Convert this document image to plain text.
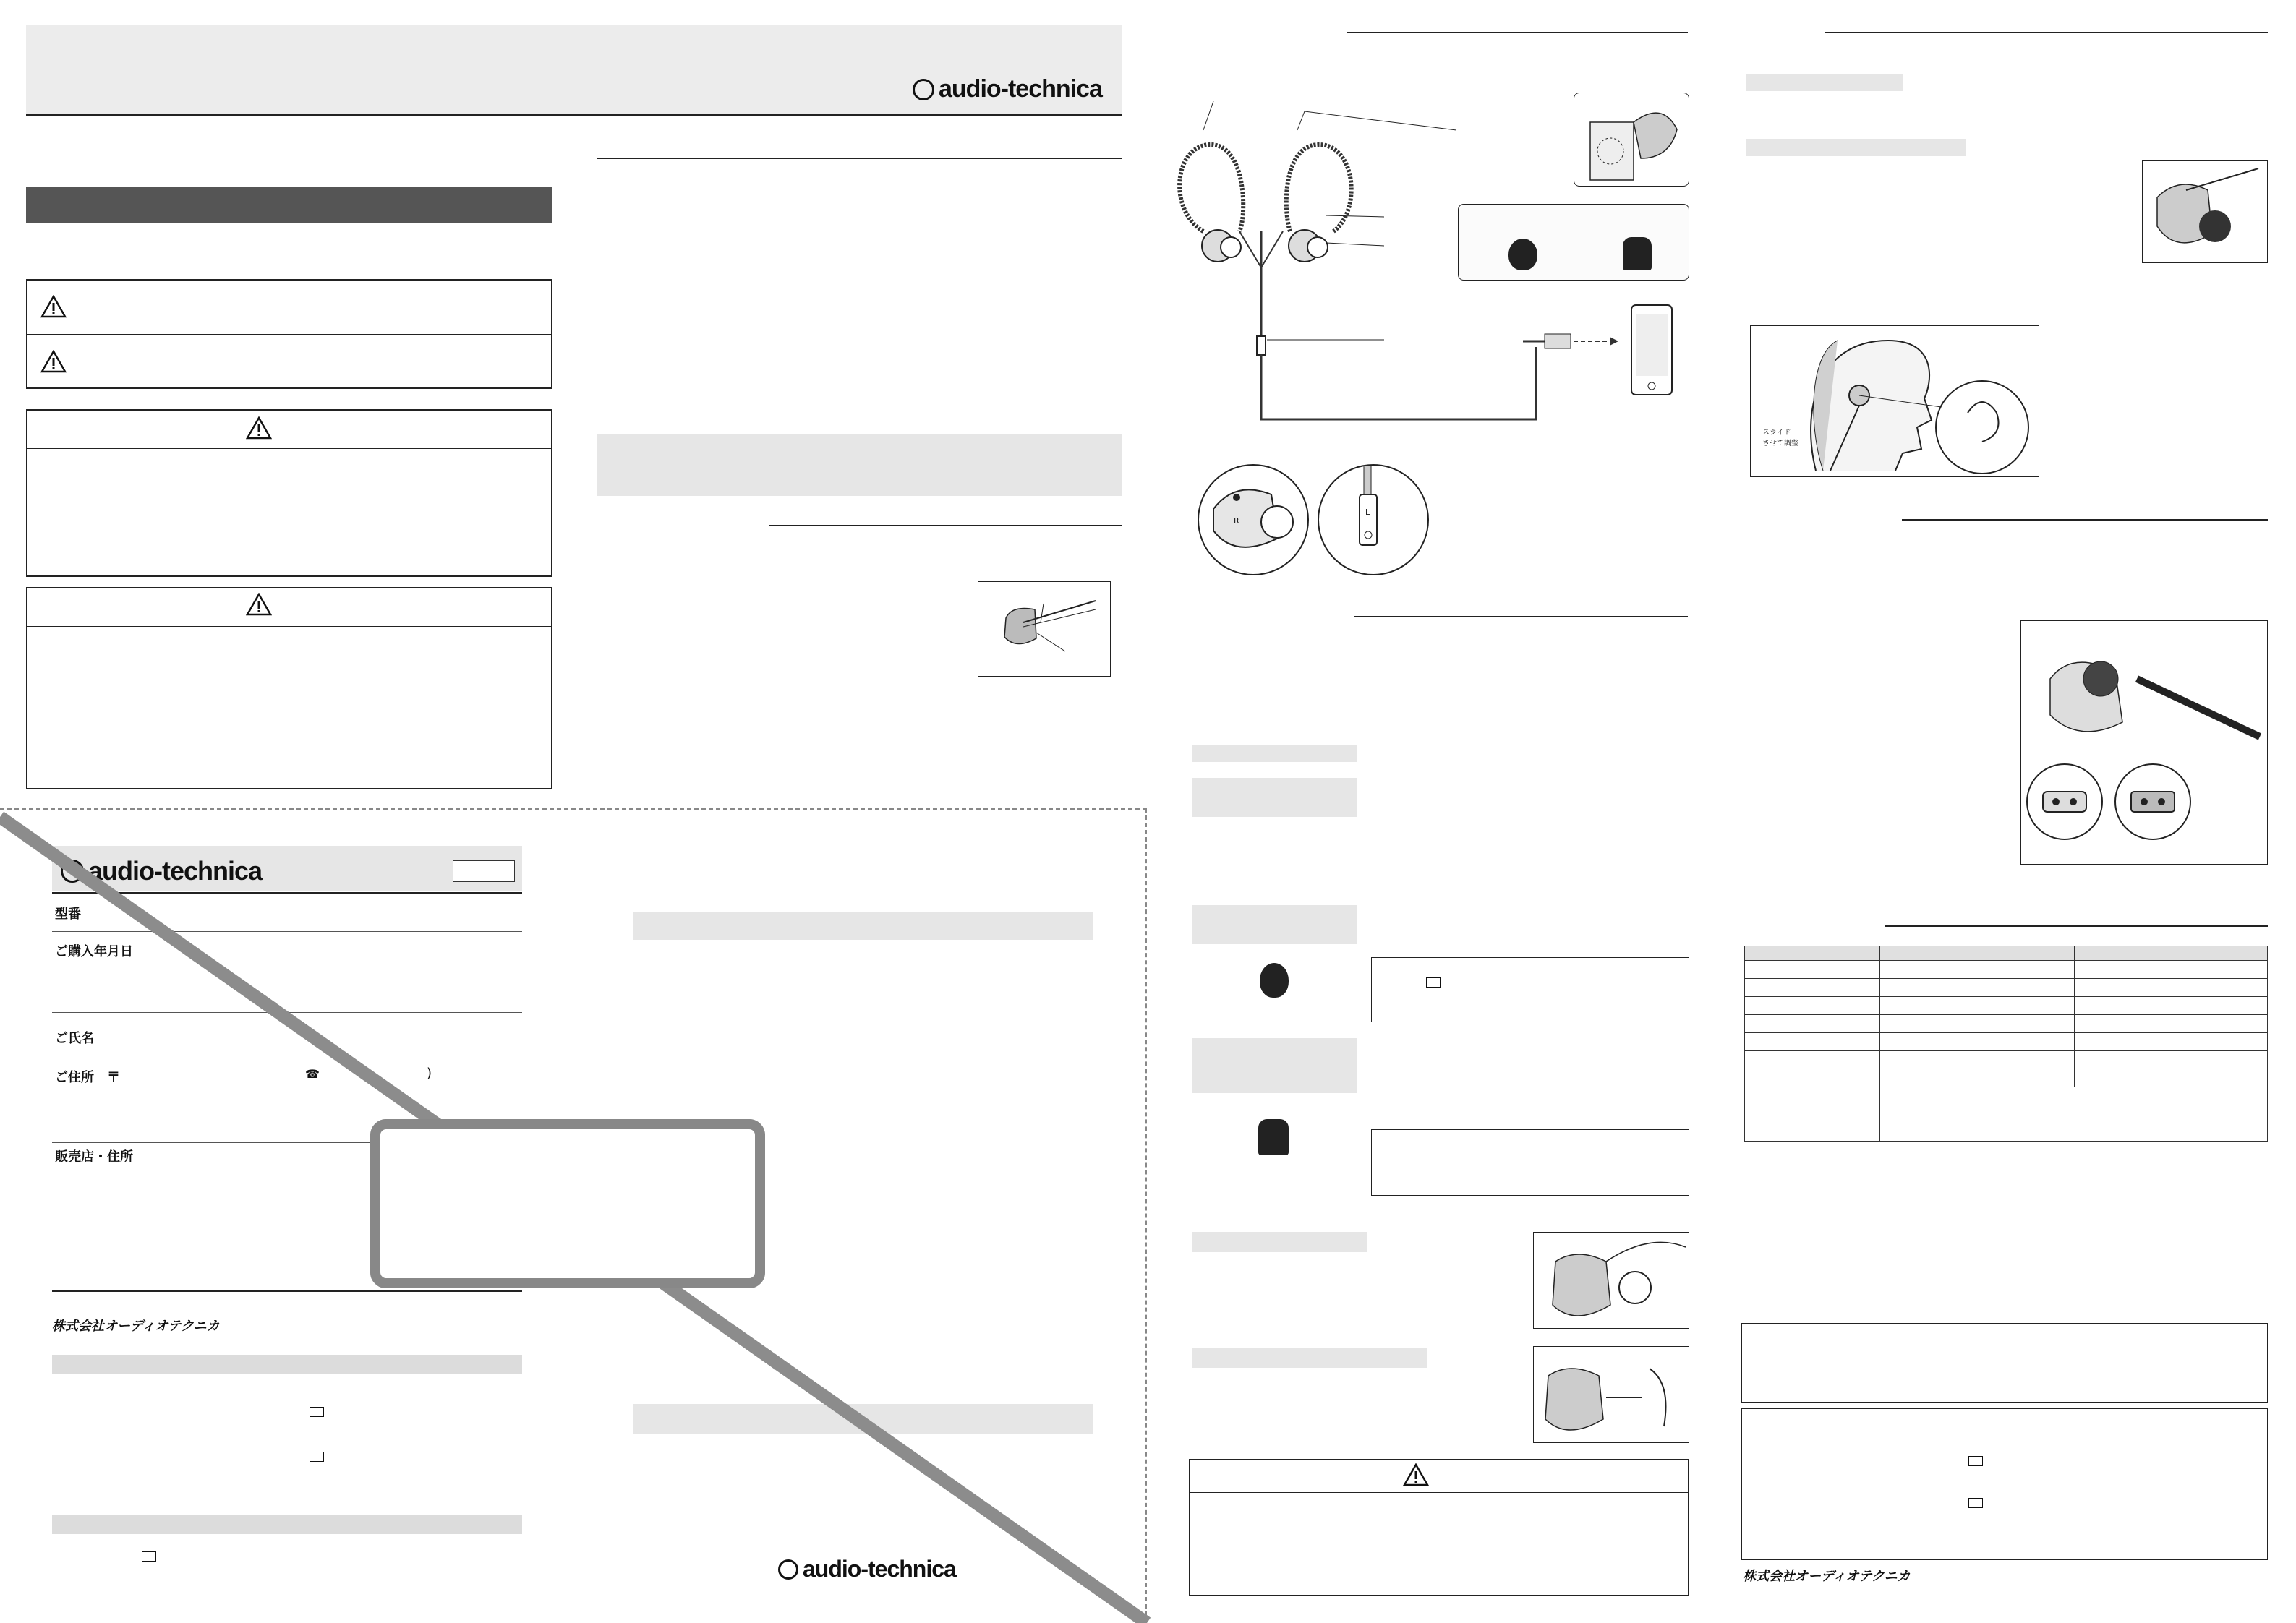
audio-technica
audio-technica
型番
ご購入年月日
ご氏名
ご住所　〒	☎	)
販売店・住所
株式会社オーディオテクニカ
audio-technica
R
L
スライド
させて調整

株式会社オーディオテクニカ
